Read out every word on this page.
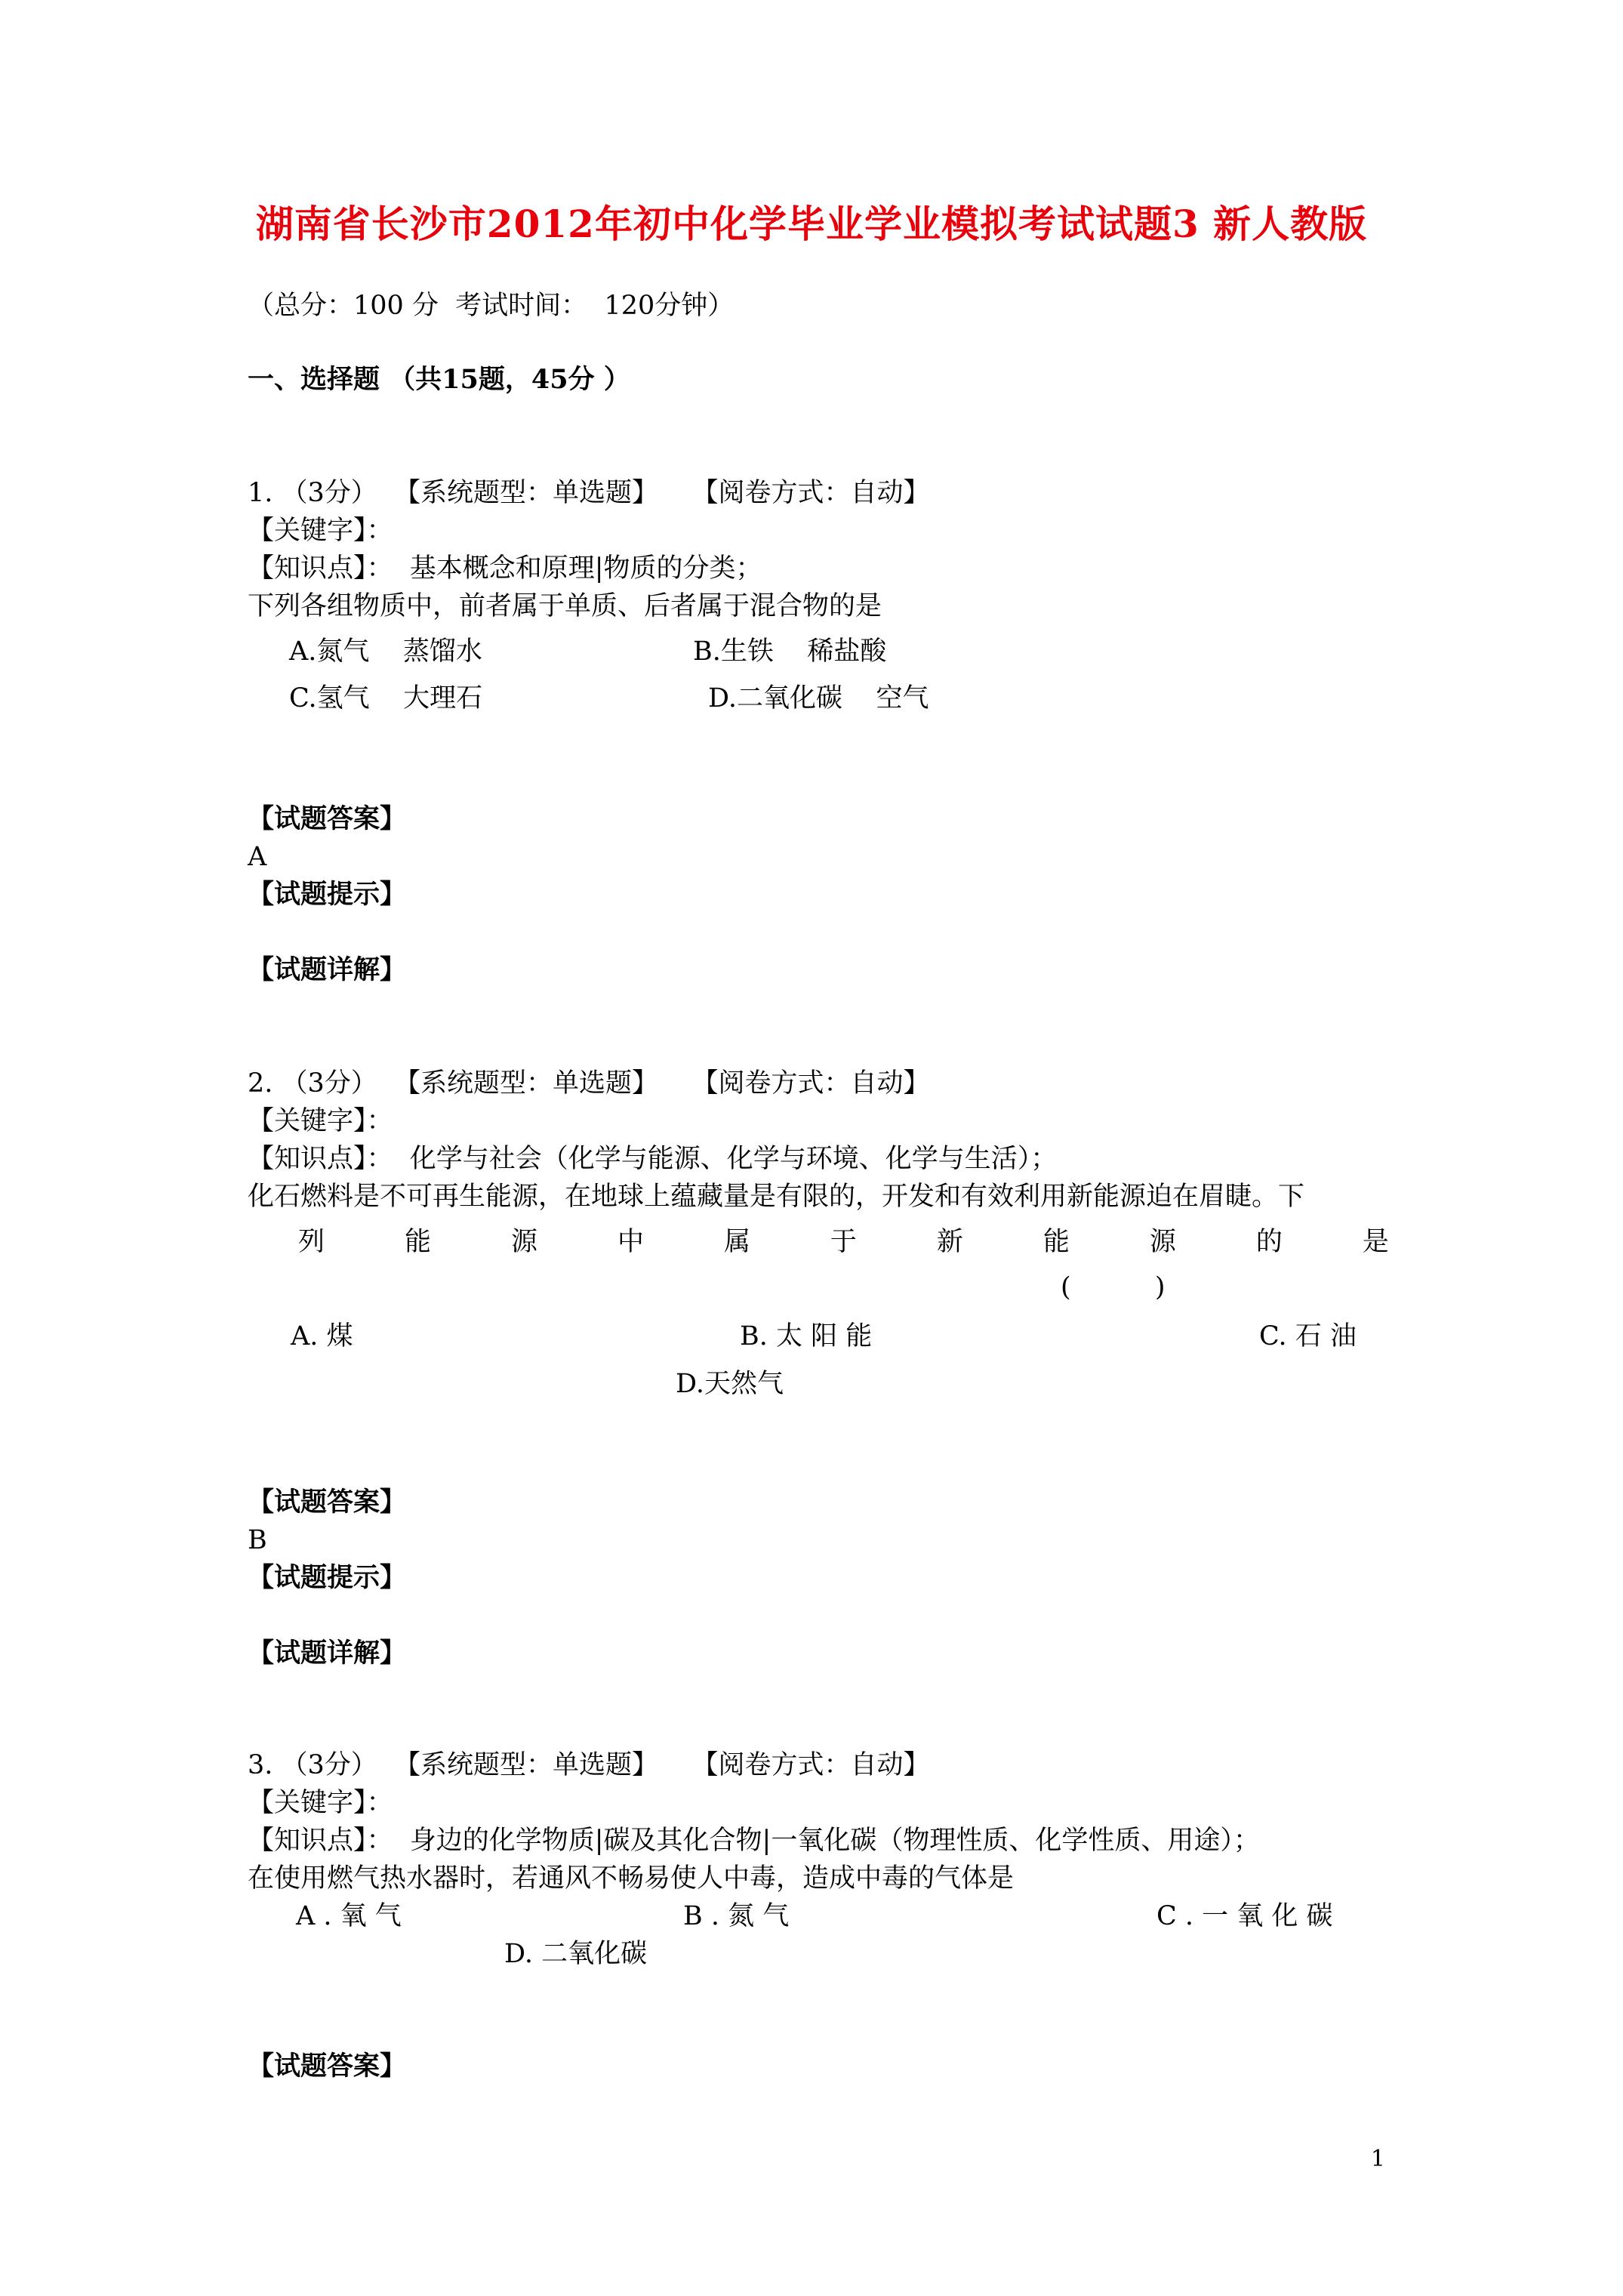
湖南省长沙市2012年初中化学毕业学业模拟考试试题3 新人教版
（总分：100 分  考试时间：  120分钟）
一、选择题 （共15题，45分 ）
1. （3分）  【系统题型：单选题】    【阅卷方式：自动】
【关键字】：
【知识点】：  基本概念和原理|物质的分类；
下列各组物质中，前者属于单质、后者属于混合物的是
A.氮气    蒸馏水	B.生铁    稀盐酸
C.氢气    大理石	D.二氧化碳    空气
【试题答案】
A
【试题提示】
【试题详解】
2. （3分）  【系统题型：单选题】    【阅卷方式：自动】
【关键字】：
【知识点】：  化学与社会（化学与能源、化学与环境、化学与生活）；
化石燃料是不可再生能源，在地球上蕴藏量是有限的，开发和有效利用新能源迫在眉睫。下
列	能	源	中	属	于	新	能	源	的	是
(          )
A. 煤	B. 太 阳 能	C. 石 油
D.天然气
【试题答案】
B
【试题提示】
【试题详解】
3. （3分）  【系统题型：单选题】    【阅卷方式：自动】
【关键字】：
【知识点】：  身边的化学物质|碳及其化合物|一氧化碳（物理性质、化学性质、用途）；
在使用燃气热水器时，若通风不畅易使人中毒，造成中毒的气体是
A . 氧 气	B . 氮 气	C . 一 氧 化 碳
D. 二氧化碳
【试题答案】
1
